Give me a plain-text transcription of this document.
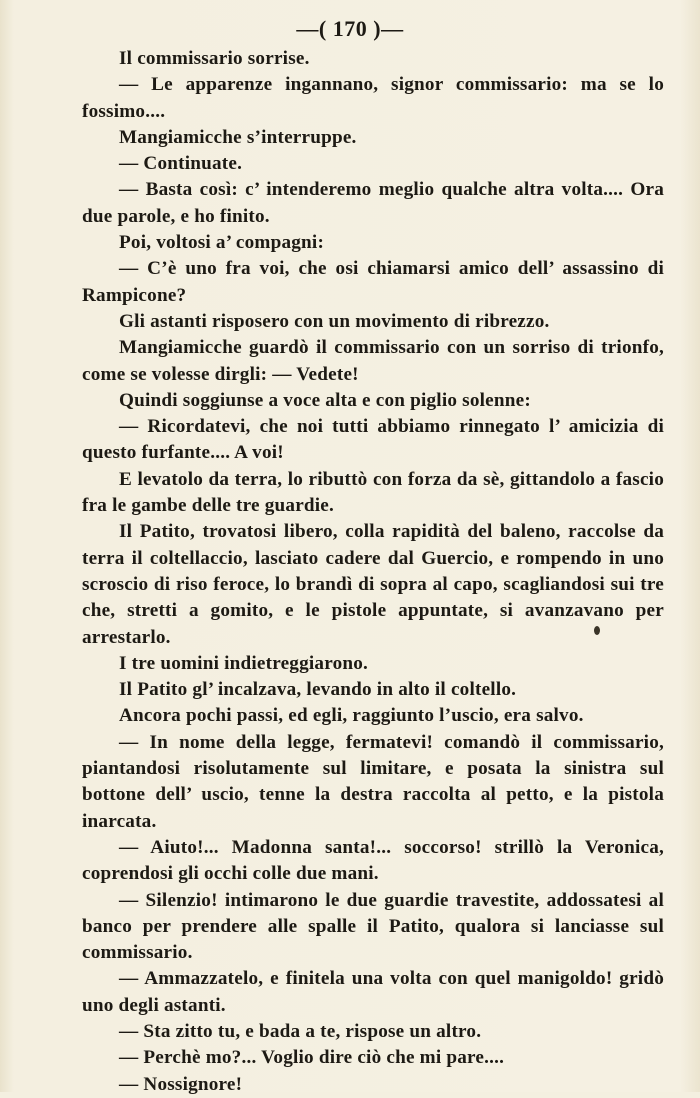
—( 170 )—

Il commissario sorrise.

— Le apparenze ingannano, signor commissario: ma se lo fossimo....

Mangiamicche s’interruppe.

— Continuate.

— Basta così: c’ intenderemo meglio qualche altra volta.... Ora due parole, e ho finito.

Poi, voltosi a’ compagni:

— C’è uno fra voi, che osi chiamarsi amico dell’ assassino di Rampicone?

Gli astanti risposero con un movimento di ribrezzo.

Mangiamicche guardò il commissario con un sorriso di trionfo, come se volesse dirgli: — Vedete!

Quindi soggiunse a voce alta e con piglio solenne:

— Ricordatevi, che noi tutti abbiamo rinnegato l’ amicizia di questo furfante.... A voi!

E levatolo da terra, lo ributtò con forza da sè, gittandolo a fascio fra le gambe delle tre guardie.

Il Patito, trovatosi libero, colla rapidità del baleno, raccolse da terra il coltellaccio, lasciato cadere dal Guercio, e rompendo in uno scroscio di riso feroce, lo brandì di sopra al capo, scagliandosi sui tre che, stretti a gomito, e le pistole appuntate, si avanzavano per arrestarlo.

I tre uomini indietreggiarono.

Il Patito gl’ incalzava, levando in alto il coltello.

Ancora pochi passi, ed egli, raggiunto l’uscio, era salvo.

— In nome della legge, fermatevi! comandò il commissario, piantandosi risolutamente sul limitare, e posata la sinistra sul bottone dell’ uscio, tenne la destra raccolta al petto, e la pistola inarcata.

— Aiuto!... Madonna santa!... soccorso! strillò la Veronica, coprendosi gli occhi colle due mani.

— Silenzio! intimarono le due guardie travestite, addossatesi al banco per prendere alle spalle il Patito, qualora si lanciasse sul commissario.

— Ammazzatelo, e finitela una volta con quel manigoldo! gridò uno degli astanti.

— Sta zitto tu, e bada a te, rispose un altro.

— Perchè mo?... Voglio dire ciò che mi pare....

— Nossignore!
